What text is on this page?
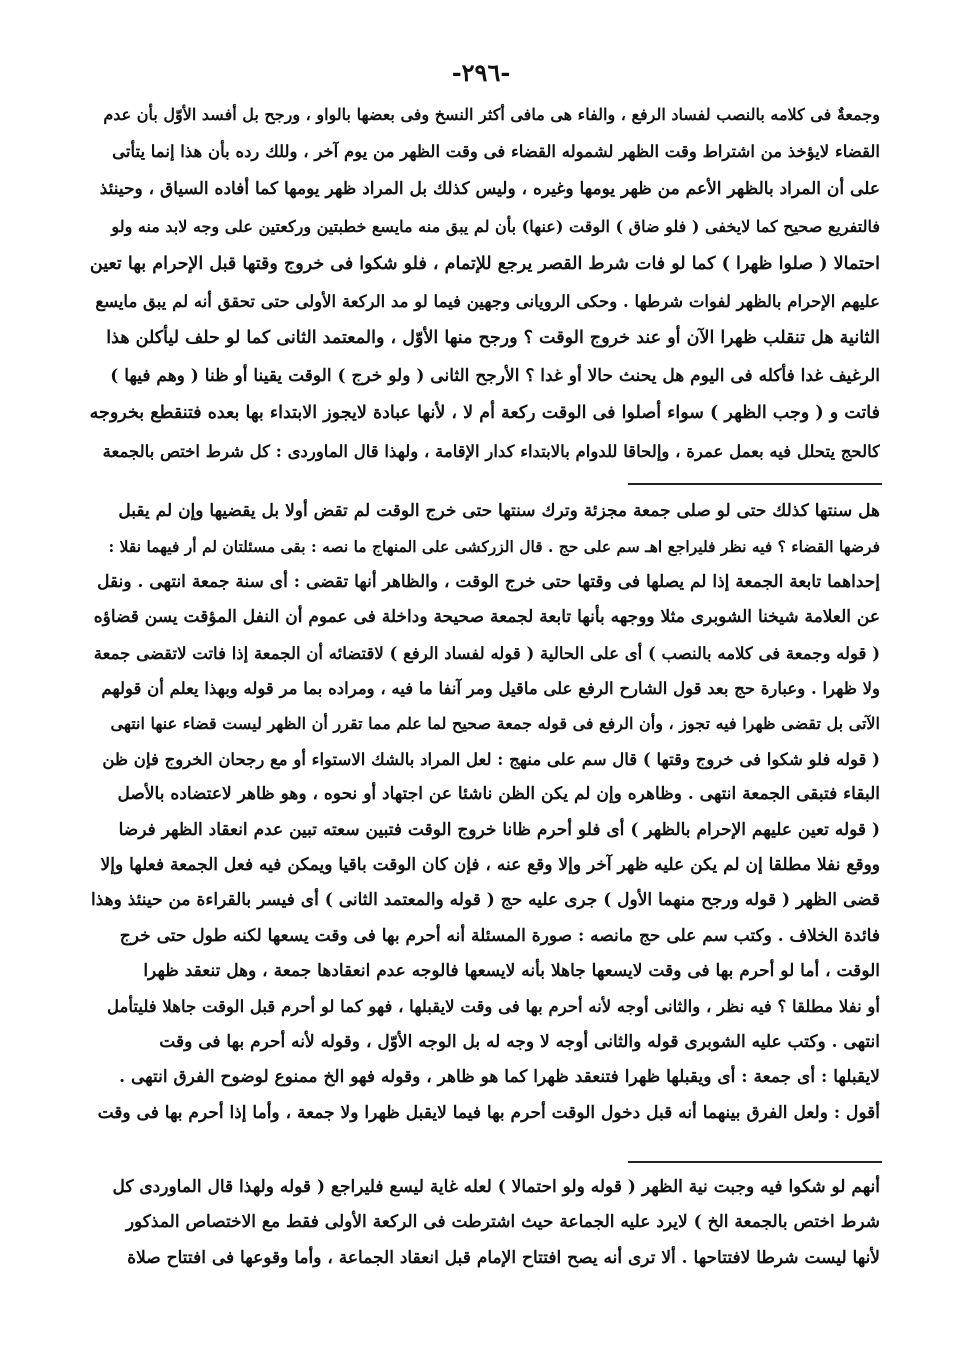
-٢٩٦-
وجمعةٌ فى كلامه بالنصب لفساد الرفع ، والفاء هى مافى أكثر النسخ وفى بعضها بالواو ، ورجح بل أفسد الأوّل بأن عدم
القضاء لايؤخذ من اشتراط وقت الظهر لشموله القضاء فى وقت الظهر من يوم آخر ، وللك رده بأن هذا إنما يتأتى
على أن المراد بالظهر الأعم من ظهر يومها وغيره ، وليس كذلك بل المراد ظهر يومها كما أفاده السياق ، وحينئذ
فالتفريع صحيح كما لايخفى ( فلو ضاق ) الوقت (عنها) بأن لم يبق منه مايسع خطبتين وركعتين على وجه لابد منه ولو
احتمالا ( صلوا ظهرا ) كما لو فات شرط القصر يرجع للإتمام ، فلو شكوا فى خروج وقتها قبل الإحرام بها تعين
عليهم الإحرام بالظهر لفوات شرطها . وحكى الرويانى وجهين فيما لو مد الركعة الأولى حتى تحقق أنه لم يبق مايسع
الثانية هل تنقلب ظهرا الآن أو عند خروج الوقت ؟ ورجح منها الأوّل ، والمعتمد الثانى كما لو حلف ليأكلن هذا
الرغيف غدا فأكله فى اليوم هل يحنث حالا أو غدا ؟ الأرجح الثانى ( ولو خرج ) الوقت يقينا أو ظنا ( وهم فيها )
فاتت و ( وجب الظهر ) سواء أصلوا فى الوقت ركعة أم لا ، لأنها عبادة لايجوز الابتداء بها بعده فتنقطع بخروجه
كالحج يتحلل فيه بعمل عمرة ، وإلحاقا للدوام بالابتداء كدار الإقامة ، ولهذا قال الماوردى : كل شرط اختص بالجمعة
هل سنتها كذلك حتى لو صلى جمعة مجزئة وترك سنتها حتى خرج الوقت لم تقض أولا بل يقضيها وإن لم يقبل
فرضها القضاء ؟ فيه نظر فليراجع اهـ سم على حج . قال الزركشى على المنهاج ما نصه : بقى مسئلتان لم أر فيهما نقلا :
إحداهما تابعة الجمعة إذا لم يصلها فى وقتها حتى خرج الوقت ، والظاهر أنها تقضى : أى سنة جمعة انتهى . ونقل
عن العلامة شيخنا الشوبرى مثلا ووجهه بأنها تابعة لجمعة صحيحة وداخلة فى عموم أن النفل المؤقت يسن قضاؤه
( قوله وجمعة فى كلامه بالنصب ) أى على الحالية ( قوله لفساد الرفع ) لاقتضائه أن الجمعة إذا فاتت لاتقضى جمعة
ولا ظهرا . وعبارة حج بعد قول الشارح الرفع على ماقيل ومر آنفا ما فيه ، ومراده بما مر قوله وبهذا يعلم أن قولهم
الآتى بل تقضى ظهرا فيه تجوز ، وأن الرفع فى قوله جمعة صحيح لما علم مما تقرر أن الظهر ليست قضاء عنها انتهى
( قوله فلو شكوا فى خروج وقتها ) قال سم على منهج : لعل المراد بالشك الاستواء أو مع رجحان الخروج فإن ظن
البقاء فتبقى الجمعة انتهى . وظاهره وإن لم يكن الظن ناشئا عن اجتهاد أو نحوه ، وهو ظاهر لاعتضاده بالأصل
( قوله تعين عليهم الإحرام بالظهر ) أى فلو أحرم ظانا خروج الوقت فتبين سعته تبين عدم انعقاد الظهر فرضا
ووقع نفلا مطلقا إن لم يكن عليه ظهر آخر وإلا وقع عنه ، فإن كان الوقت باقيا ويمكن فيه فعل الجمعة فعلها وإلا
قضى الظهر ( قوله ورجح منهما الأول ) جرى عليه حج ( قوله والمعتمد الثانى ) أى فيسر بالقراءة من حينئذ وهذا
فائدة الخلاف . وكتب سم على حج مانصه : صورة المسئلة أنه أحرم بها فى وقت يسعها لكنه طول حتى خرج
الوقت ، أما لو أحرم بها فى وقت لايسعها جاهلا بأنه لايسعها فالوجه عدم انعقادها جمعة ، وهل تنعقد ظهرا
أو نفلا مطلقا ؟ فيه نظر ، والثانى أوجه لأنه أحرم بها فى وقت لايقبلها ، فهو كما لو أحرم قبل الوقت جاهلا فليتأمل
انتهى . وكتب عليه الشوبرى قوله والثانى أوجه لا وجه له بل الوجه الأوّل ، وقوله لأنه أحرم بها فى وقت
لايقبلها : أى جمعة : أى ويقبلها ظهرا فتنعقد ظهرا كما هو ظاهر ، وقوله فهو الخ ممنوع لوضوح الفرق انتهى .
أقول : ولعل الفرق بينهما أنه قبل دخول الوقت أحرم بها فيما لايقبل ظهرا ولا جمعة ، وأما إذا أحرم بها فى وقت
أنهم لو شكوا فيه وجبت نية الظهر ( قوله ولو احتمالا ) لعله غاية ليسع فليراجع ( قوله ولهذا قال الماوردى كل
شرط اختص بالجمعة الخ ) لايرد عليه الجماعة حيث اشترطت فى الركعة الأولى فقط مع الاختصاص المذكور
لأنها ليست شرطا لافتتاحها . ألا ترى أنه يصح افتتاح الإمام قبل انعقاد الجماعة ، وأما وقوعها فى افتتاح صلاة
